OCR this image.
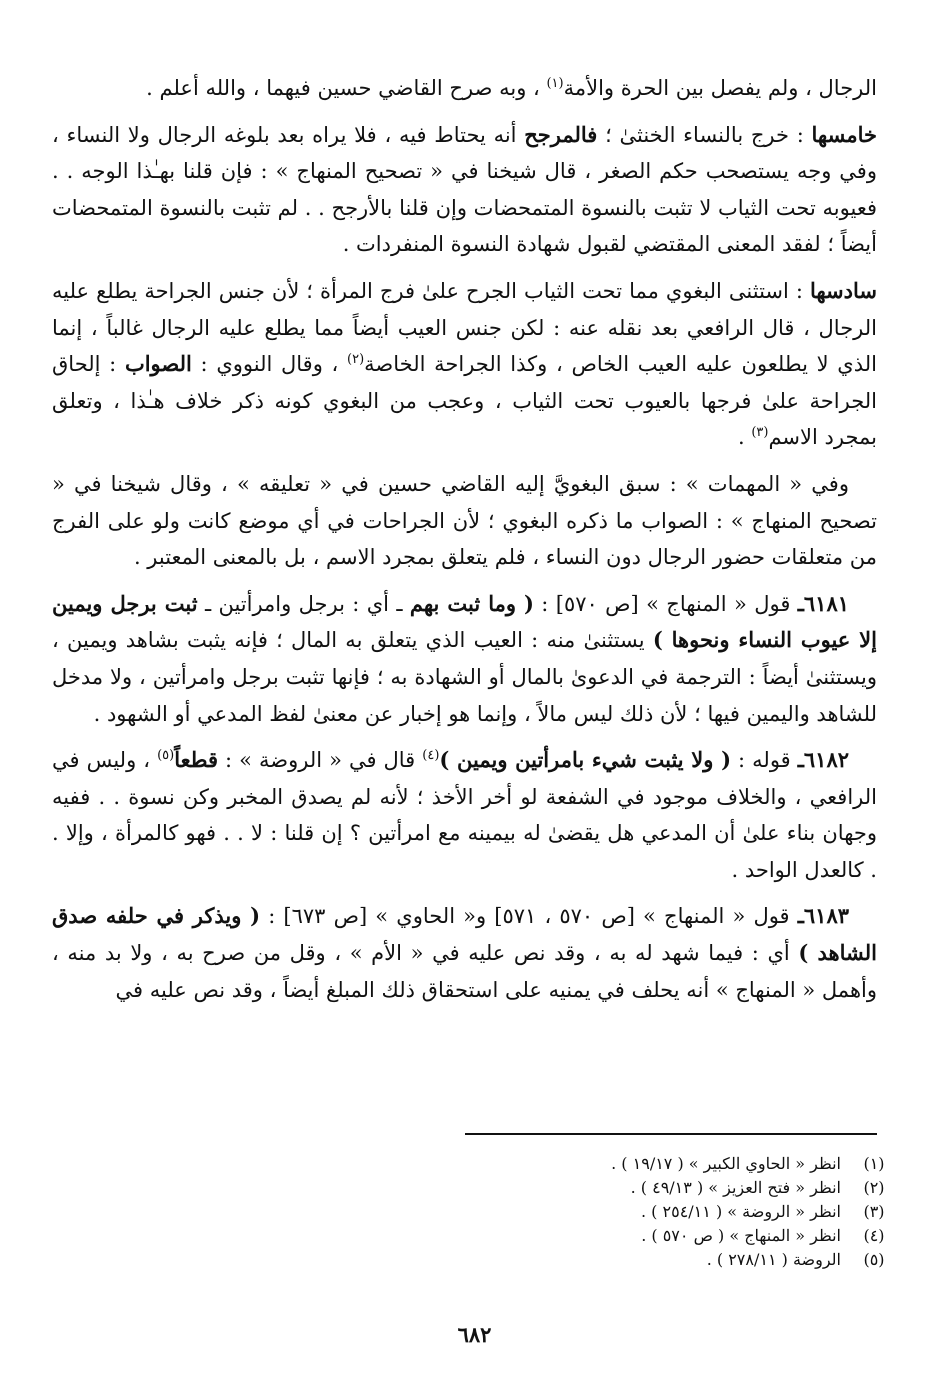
الرجال ، ولم يفصل بين الحرة والأمة$^{(١)}$ ، وبه صرح القاضي حسين فيهما ، والله أعلم .

خامسها : خرج بالنساء الخنثىٰ ؛ فالمرجح أنه يحتاط فيه ، فلا يراه بعد بلوغه الرجال ولا النساء ، وفي وجه يستصحب حكم الصغر ، قال شيخنا في « تصحيح المنهاج » : فإن قلنا بهـٰذا الوجه . . فعيوبه تحت الثياب لا تثبت بالنسوة المتمحضات وإن قلنا بالأرجح . . لم تثبت بالنسوة المتمحضات أيضاً ؛ لفقد المعنى المقتضي لقبول شهادة النسوة المنفردات .

سادسها : استثنى البغوي مما تحت الثياب الجرح علىٰ فرج المرأة ؛ لأن جنس الجراحة يطلع عليه الرجال ، قال الرافعي بعد نقله عنه : لكن جنس العيب أيضاً مما يطلع عليه الرجال غالباً ، إنما الذي لا يطلعون عليه العيب الخاص ، وكذا الجراحة الخاصة$^{(٢)}$ ، وقال النووي : الصواب : إلحاق الجراحة علىٰ فرجها بالعيوب تحت الثياب ، وعجب من البغوي كونه ذكر خلاف هـٰذا ، وتعلق بمجرد الاسم$^{(٣)}$ .

وفي « المهمات » : سبق البغويَّ إليه القاضي حسين في « تعليقه » ، وقال شيخنا في « تصحيح المنهاج » : الصواب ما ذكره البغوي ؛ لأن الجراحات في أي موضع كانت ولو على الفرج من متعلقات حضور الرجال دون النساء ، فلم يتعلق بمجرد الاسم ، بل بالمعنى المعتبر .

٦١٨١ـ قول « المنهاج » [ص ٥٧٠] : ( وما ثبت بهم ـ أي : برجل وامرأتين ـ ثبت برجل ويمين إلا عيوب النساء ونحوها ) يستثنىٰ منه : العيب الذي يتعلق به المال ؛ فإنه يثبت بشاهد ويمين ، ويستثنىٰ أيضاً : الترجمة في الدعوىٰ بالمال أو الشهادة به ؛ فإنها تثبت برجل وامرأتين ، ولا مدخل للشاهد واليمين فيها ؛ لأن ذلك ليس مالاً ، وإنما هو إخبار عن معنىٰ لفظ المدعي أو الشهود .

٦١٨٢ـ قوله : ( ولا يثبت شيء بامرأتين ويمين )$^{(٤)}$ قال في « الروضة » : قطعاً$^{(٥)}$ ، وليس في الرافعي ، والخلاف موجود في الشفعة لو أخر الأخذ ؛ لأنه لم يصدق المخبر وكن نسوة . . ففيه وجهان بناء علىٰ أن المدعي هل يقضىٰ له بيمينه مع امرأتين ؟ إن قلنا : لا . . فهو كالمرأة ، وإلا . . كالعدل الواحد .

٦١٨٣ـ قول « المنهاج » [ص ٥٧٠ ، ٥٧١] و« الحاوي » [ص ٦٧٣] : ( ويذكر في حلفه صدق الشاهد ) أي : فيما شهد له به ، وقد نص عليه في « الأم » ، وقل من صرح به ، ولا بد منه ، وأهمل « المنهاج » أنه يحلف في يمنيه على استحقاق ذلك المبلغ أيضاً ، وقد نص عليه في

(١)
انظر « الحاوي الكبير » ( ١٩/١٧ ) .
(٢)
انظر « فتح العزيز » ( ٤٩/١٣ ) .
(٣)
انظر « الروضة » ( ٢٥٤/١١ ) .
(٤)
انظر « المنهاج » ( ص ٥٧٠ ) .
(٥)
الروضة ( ٢٧٨/١١ ) .
٦٨٢
